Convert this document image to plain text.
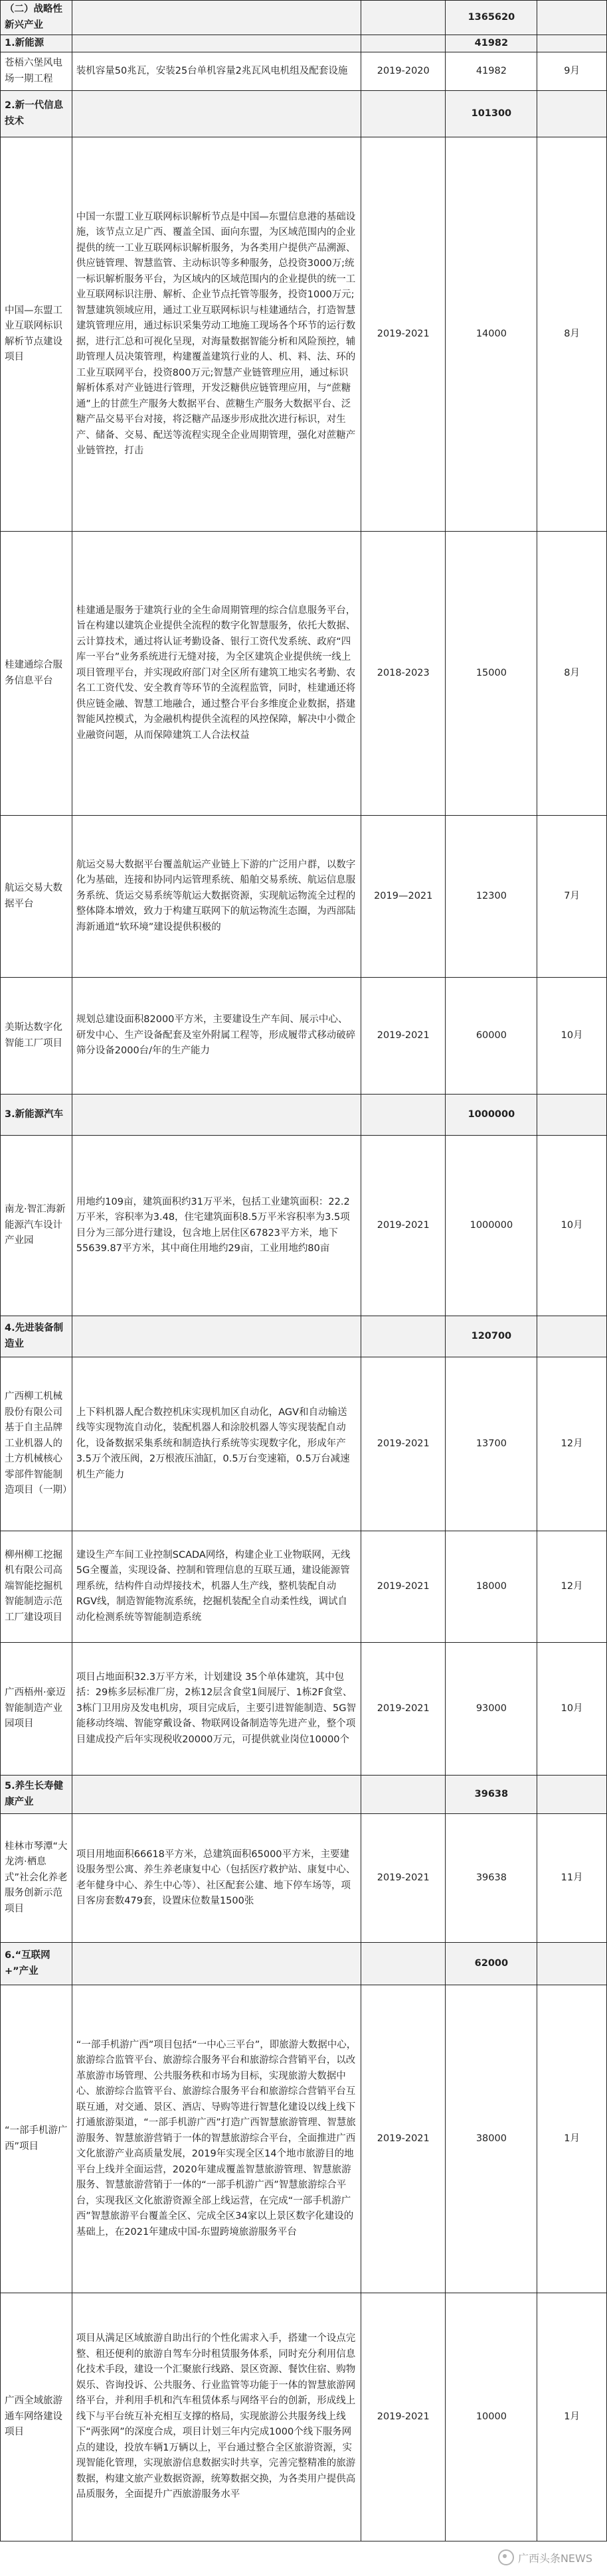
（二）战略性新兴产业			1365620	
1.新能源			41982	
苍梧六堡风电场一期工程	装机容量50兆瓦，安装25台单机容量2兆瓦风电机组及配套设施	2019-2020	41982	9月
2.新一代信息技术			101300	
中国—东盟工业互联网标识解析节点建设项目	中国一东盟工业互联网标识解析节点是中国—东盟信息港的基础设施，该节点立足广西、覆盖全国、面向东盟，为区域范围内的企业提供的统一工业互联网标识解析服务，为各类用户提供产品溯源、供应链管理、智慧监管、主动标识等多种服务，总投资3000万;统一标识解析服务平台，为区域内的区域范围内的企业提供的统一工业互联网标识注册、解析、企业节点托管等服务，投资1000万元;智慧建筑领域应用，通过工业互联网标识与桂建通结合，打造智慧建筑管理应用，通过标识采集劳动工地施工现场各个环节的运行数据，进行汇总和可视化呈现，对海量数据智能分析和风险预控，辅助管理人员决策管理，构建覆盖建筑行业的人、机、料、法、环的工业互联网平台，投资800万元;智慧产业链管理应用，通过标识解析体系对产业链进行管理，开发泛糖供应链管理应用，与“蔗糖通”上的甘蔗生产服务大数据平台、蔗糖生产服务大数据平台、泛糖产品交易平台对接，将泛糖产品逐步形成批次进行标识，对生产、储备、交易、配送等流程实现全企业周期管理，强化对蔗糖产业链管控，打击	2019-2021	14000	8月
桂建通综合服务信息平台	桂建通是服务于建筑行业的全生命周期管理的综合信息服务平台，旨在构建以建筑企业提供全流程的数字化智慧服务，依托大数据、云计算技术，通过将认证考勤设备、银行工资代发系统、政府“四库一平台”业务系统进行无缝对接，为全区建筑企业提供统一线上项目管理平台，并实现政府部门对全区所有建筑工地实名考勤、农名工工资代发、安全教育等环节的全流程监管，同时，桂建通还将供应链金融、智慧工地融合，通过整合平台多维度企业数据，搭建智能风控模式，为金融机构提供全流程的风控保障，解决中小微企业融资问题，从而保障建筑工人合法权益	2018-2023	15000	8月
航运交易大数据平台	航运交易大数据平台覆盖航运产业链上下游的广泛用户群，以数字化为基础，连接和协同内运管理系统、船舶交易系统、航运信息服务系统、货运交易系统等航运大数据资源，实现航运物流全过程的整体降本增效，致力于构建互联网下的航运物流生态圈，为西部陆海新通道“软环境”建设提供积极的	2019—2021	12300	7月
美斯达数字化智能工厂项目	规划总建设面积82000平方米，主要建设生产车间、展示中心、研发中心、生产设备配套及室外附属工程等，形成履带式移动破碎筛分设备2000台/年的生产能力	2019-2021	60000	10月
3.新能源汽车			1000000	
南龙·智汇海新能源汽车设计产业园	用地约109亩，建筑面积约31万平米，包括工业建筑面积：22.2万平米，容积率为3.48，住宅建筑面积8.5万平米容积率为3.5项目分为三部分进行建设，包含地上居住区67823平方米，地下55639.87平方米，其中商住用地约29亩，工业用地约80亩	2019-2021	1000000	10月
4.先进装备制造业			120700	
广西柳工机械股份有限公司基于自主品牌工业机器人的土方机械核心零部件智能制造项目（一期）	上下料机器人配合数控机床实现机加区自动化，AGV和自动输送线等实现物流自动化，装配机器人和涂胶机器人等实现装配自动化，设备数据采集系统和制造执行系统等实现数字化，形成年产3.5万个液压阀，2万根液压油缸，0.5万台变速箱，0.5万台减速机生产能力	2019-2021	13700	12月
柳州柳工挖掘机有限公司高端智能挖掘机智能制造示范工厂建设项目	建设生产车间工业控制SCADA网络，构建企业工业物联网，无线5G全覆盖，实现设备、控制和管理信息的互联互通，建设能源管理系统，结构件自动焊接技术，机器人生产线，整机装配自动RGV线，制造智能物流系统，挖掘机装配全自动柔性线，调试自动化检测系统等智能制造系统	2019-2021	18000	12月
广西梧州·豪迈智能制造产业园项目	项目占地面积32.3万平方米，计划建设 35个单体建筑，其中包括：29栋多层标准厂房，2栋12层含食堂1间展厅、1栋2F食堂、3栋门卫用房及发电机房，项目完成后，主要引进智能制造、5G智能移动终端、智能穿戴设备、物联网设备制造等先进产业，整个项目建成投产后年实现税收20000万元，可提供就业岗位10000个	2019-2021	93000	10月
5.养生长寿健康产业			39638	
桂林市琴潭“大龙湾·栖息式”社会化养老服务创新示范项目	项目用地面积66618平方米，总建筑面积65000平方米，主要建设服务型公寓、养生养老康复中心（包括医疗救护站、康复中心、老年健身中心、养生中心等）、社区配套公建、地下停车场等，项目客房套数479套，设置床位数量1500张	2019-2021	39638	11月
6.“互联网+”产业			62000	
“一部手机游广西”项目	“一部手机游广西”项目包括“一中心三平台”，即旅游大数据中心，旅游综合监管平台、旅游综合服务平台和旅游综合营销平台，以改革旅游市场管理、公共服务秩和市场为目标，实现旅游大数据中心、旅游综合监管平台、旅游综合服务平台和旅游综合营销平台互联互通，对交通、景区、酒店、导购等进行智慧化建设以线上线下打通旅游渠道，“一部手机游广西”打造广西智慧旅游管理、智慧旅游服务、智慧旅游营销于一体的智慧旅游综合平台，全面推进广西文化旅游产业高质量发展，2019年实现全区14个地市旅游目的地平台上线并全面运营，2020年建成覆盖智慧旅游管理、智慧旅游服务、智慧旅游营销于一体的“一部手机游广西”智慧旅游综合平台，实现我区文化旅游资源全部上线运营，在完成“一部手机游广西”智慧旅游平台覆盖全区、完成全区34家以上景区数字化建设的基础上，在2021年建成中国-东盟跨境旅游服务平台	2019-2021	38000	1月
广西全域旅游通车网络建设项目	项目从满足区域旅游自助出行的个性化需求入手，搭建一个设点完整、租还便利的旅游自驾车分时租赁服务体系，同时充分利用信息化技术手段，建设一个汇聚旅行线路、景区资源、餐饮住宿、购物娱乐、咨询投诉、公共服务、行业监管等功能于一体的智慧旅游网络平台，并利用手机和汽车租赁体系与网络平台的创新，形成线上线下与平台统互补充相互支撑的格局，实现旅游公共服务线上线下“两张网”的深度合成，项目计划三年内完成1000个线下服务网点的建设，投放车辆1万辆以上，平台通过整合全区旅游资源，实现智能化管理，实现旅游信息数据实时共享，完善完整精准的旅游数据，构建文旅产业数据资源，统筹数据交换，为各类用户提供高品质服务，全面提升广西旅游服务水平	2019-2021	10000	1月
广西头条NEWS
